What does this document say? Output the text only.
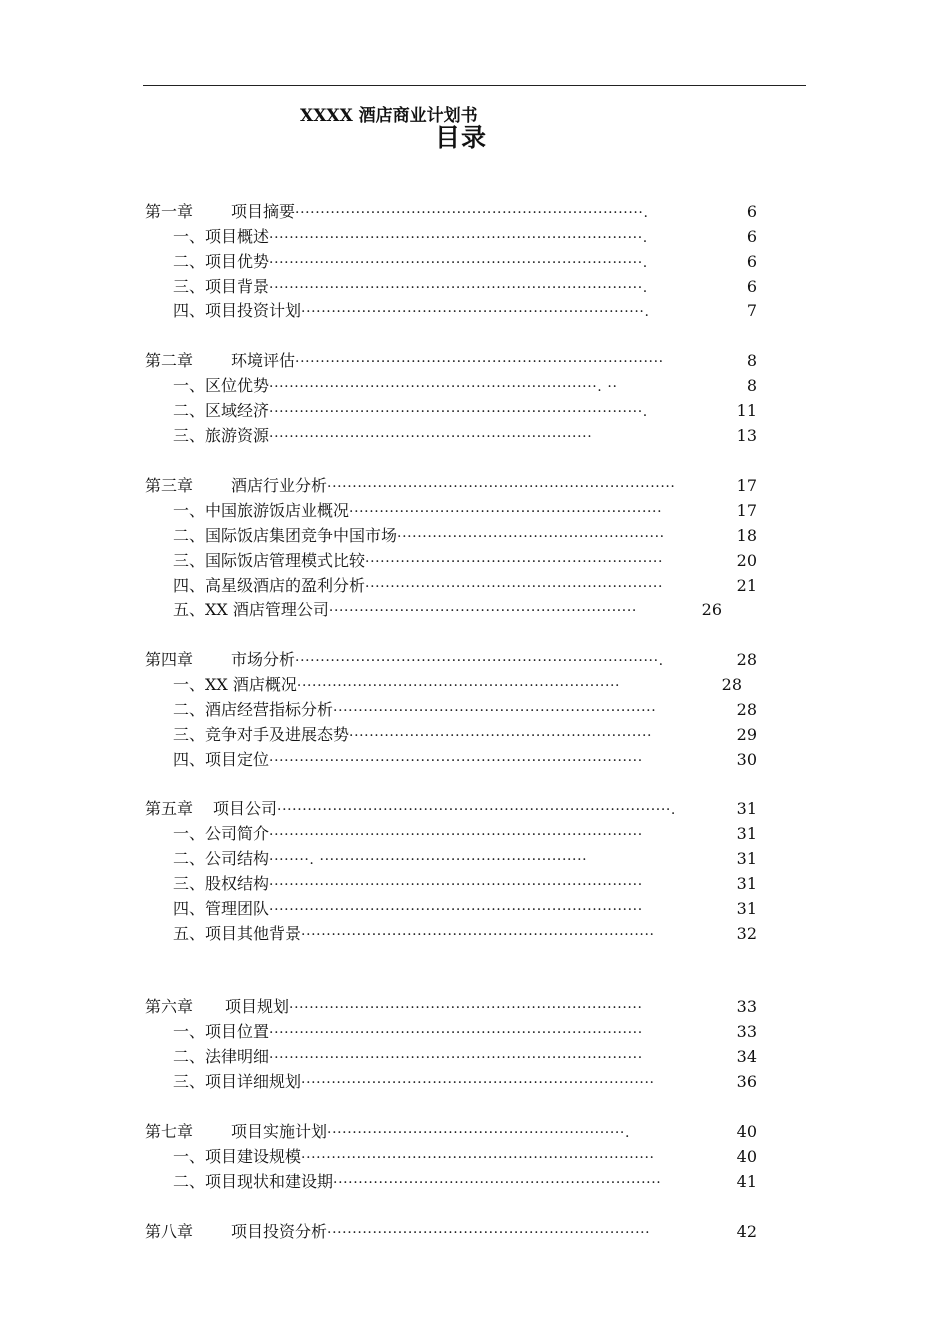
XXXX 酒店商业计划书
目录
第一章 项目摘要 ·····································································.	6
一、项目概述 ··········································································.	6
二、项目优势 ··········································································.	6
三、项目背景 ··········································································.	6
四、项目投资计划 ····································································.	7
第二章 环境评估 ·········································································	8
一、区位优势 ·································································. ··	8
二、区域经济 ··········································································.	11
三、旅游资源 ································································	13
第三章 酒店行业分析 ·····································································	17
一、中国旅游饭店业概况 ······························································	17
二、国际饭店集团竞争中国市场 ·····················································	18
三、国际饭店管理模式比较 ···························································	20
四、高星级酒店的盈利分析 ···························································	21
五、XX 酒店管理公司 ·····························································	26
第四章 市场分析 ········································································.	28
一、XX 酒店概况 ································································	28
二、酒店经营指标分析 ································································	28
三、竞争对手及进展态势 ····························································	29
四、项目定位 ··········································································	30
第五章 项目公司 ··············································································.	31
一、公司简介 ··········································································	31
二、公司结构 ········. ·····················································	31
三、股权结构 ··········································································	31
四、管理团队 ··········································································	31
五、项目其他背景 ······································································	32
第六章 项目规划 ······································································	33
一、项目位置 ··········································································	33
二、法律明细 ··········································································	34
三、项目详细规划 ······································································	36
第七章 项目实施计划 ···························································.	40
一、项目建设规模 ······································································	40
二、项目现状和建设期 ·································································	41
第八章 项目投资分析 ································································	42
